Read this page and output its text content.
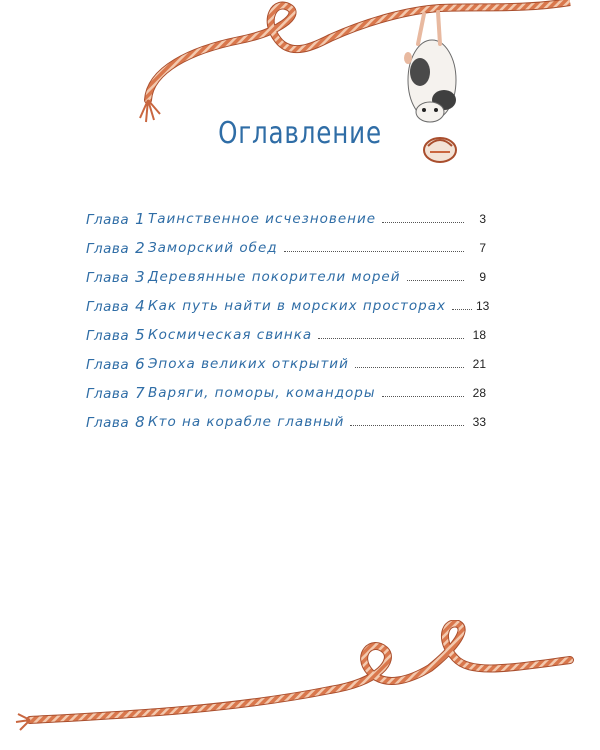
Оглавление
Глава 1 Таинственное исчезновение	3
Глава 2 Заморский обед	7
Глава 3 Деревянные покорители морей	9
Глава 4 Как путь найти в морских просторах	13
Глава 5 Космическая свинка	18
Глава 6 Эпоха великих открытий	21
Глава 7 Варяги, поморы, командоры	28
Глава 8 Кто на корабле главный	33
